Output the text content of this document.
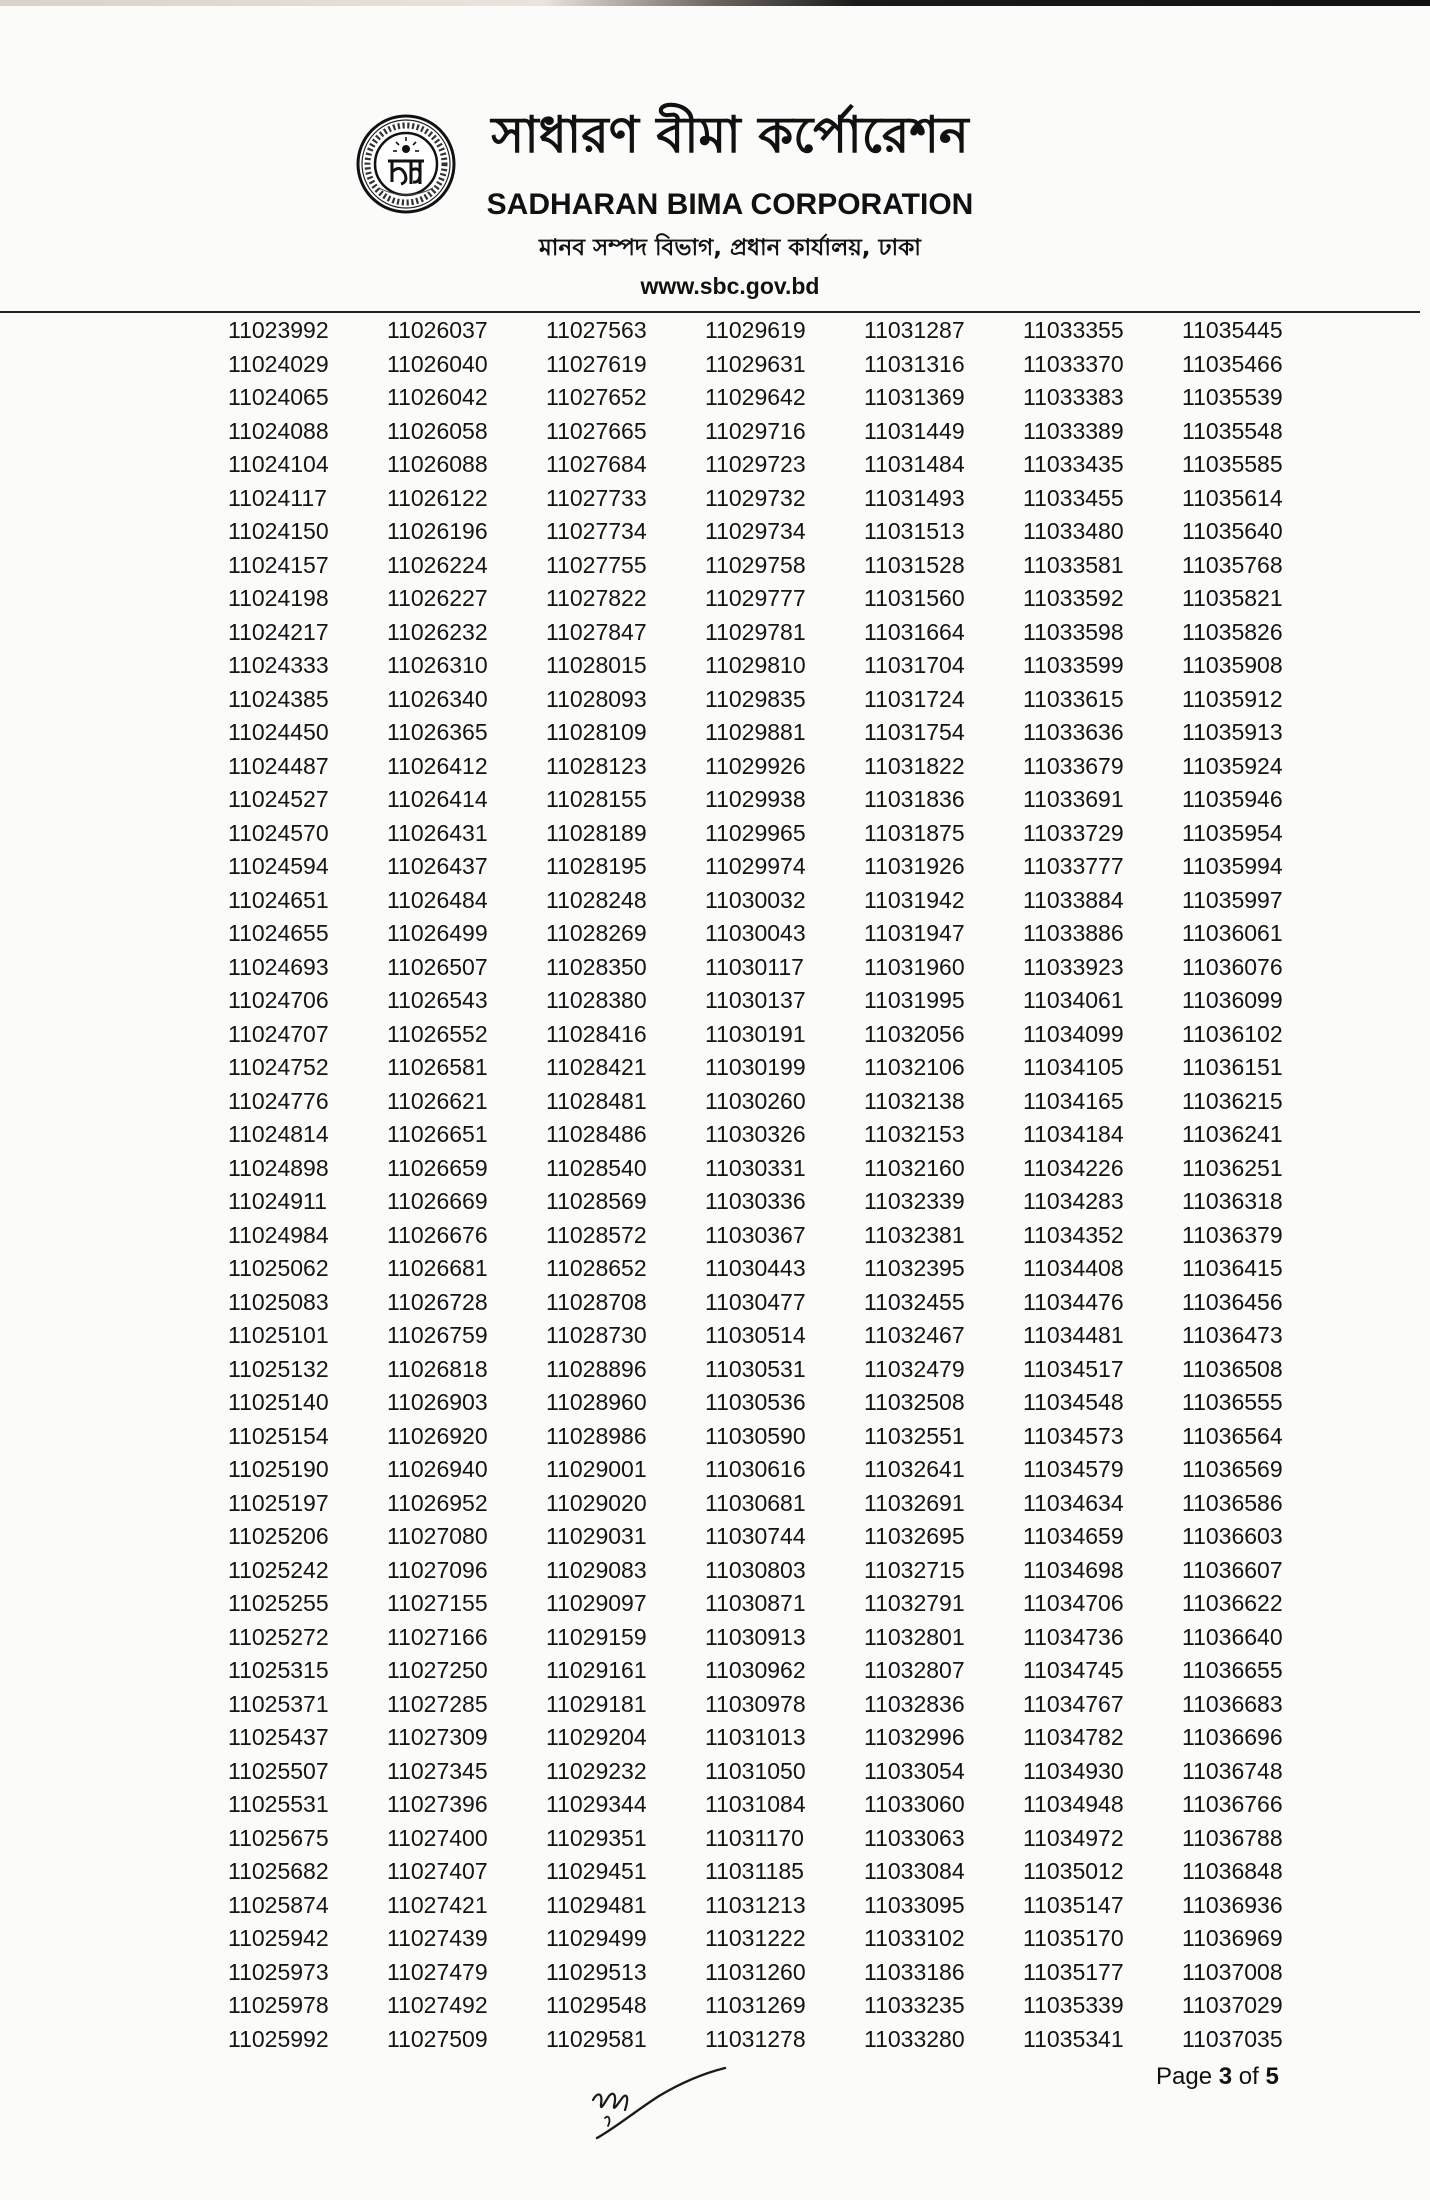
সাধারণ বীমা কর্পোরেশন
SADHARAN BIMA CORPORATION
মানব সম্পদ বিভাগ, প্রধান কার্যালয়, ঢাকা
www.sbc.gov.bd
11023992	11026037	11027563	11029619	11031287	11033355	11035445
11024029	11026040	11027619	11029631	11031316	11033370	11035466
11024065	11026042	11027652	11029642	11031369	11033383	11035539
11024088	11026058	11027665	11029716	11031449	11033389	11035548
11024104	11026088	11027684	11029723	11031484	11033435	11035585
11024117	11026122	11027733	11029732	11031493	11033455	11035614
11024150	11026196	11027734	11029734	11031513	11033480	11035640
11024157	11026224	11027755	11029758	11031528	11033581	11035768
11024198	11026227	11027822	11029777	11031560	11033592	11035821
11024217	11026232	11027847	11029781	11031664	11033598	11035826
11024333	11026310	11028015	11029810	11031704	11033599	11035908
11024385	11026340	11028093	11029835	11031724	11033615	11035912
11024450	11026365	11028109	11029881	11031754	11033636	11035913
11024487	11026412	11028123	11029926	11031822	11033679	11035924
11024527	11026414	11028155	11029938	11031836	11033691	11035946
11024570	11026431	11028189	11029965	11031875	11033729	11035954
11024594	11026437	11028195	11029974	11031926	11033777	11035994
11024651	11026484	11028248	11030032	11031942	11033884	11035997
11024655	11026499	11028269	11030043	11031947	11033886	11036061
11024693	11026507	11028350	11030117	11031960	11033923	11036076
11024706	11026543	11028380	11030137	11031995	11034061	11036099
11024707	11026552	11028416	11030191	11032056	11034099	11036102
11024752	11026581	11028421	11030199	11032106	11034105	11036151
11024776	11026621	11028481	11030260	11032138	11034165	11036215
11024814	11026651	11028486	11030326	11032153	11034184	11036241
11024898	11026659	11028540	11030331	11032160	11034226	11036251
11024911	11026669	11028569	11030336	11032339	11034283	11036318
11024984	11026676	11028572	11030367	11032381	11034352	11036379
11025062	11026681	11028652	11030443	11032395	11034408	11036415
11025083	11026728	11028708	11030477	11032455	11034476	11036456
11025101	11026759	11028730	11030514	11032467	11034481	11036473
11025132	11026818	11028896	11030531	11032479	11034517	11036508
11025140	11026903	11028960	11030536	11032508	11034548	11036555
11025154	11026920	11028986	11030590	11032551	11034573	11036564
11025190	11026940	11029001	11030616	11032641	11034579	11036569
11025197	11026952	11029020	11030681	11032691	11034634	11036586
11025206	11027080	11029031	11030744	11032695	11034659	11036603
11025242	11027096	11029083	11030803	11032715	11034698	11036607
11025255	11027155	11029097	11030871	11032791	11034706	11036622
11025272	11027166	11029159	11030913	11032801	11034736	11036640
11025315	11027250	11029161	11030962	11032807	11034745	11036655
11025371	11027285	11029181	11030978	11032836	11034767	11036683
11025437	11027309	11029204	11031013	11032996	11034782	11036696
11025507	11027345	11029232	11031050	11033054	11034930	11036748
11025531	11027396	11029344	11031084	11033060	11034948	11036766
11025675	11027400	11029351	11031170	11033063	11034972	11036788
11025682	11027407	11029451	11031185	11033084	11035012	11036848
11025874	11027421	11029481	11031213	11033095	11035147	11036936
11025942	11027439	11029499	11031222	11033102	11035170	11036969
11025973	11027479	11029513	11031260	11033186	11035177	11037008
11025978	11027492	11029548	11031269	11033235	11035339	11037029
11025992	11027509	11029581	11031278	11033280	11035341	11037035
Page 3 of 5
